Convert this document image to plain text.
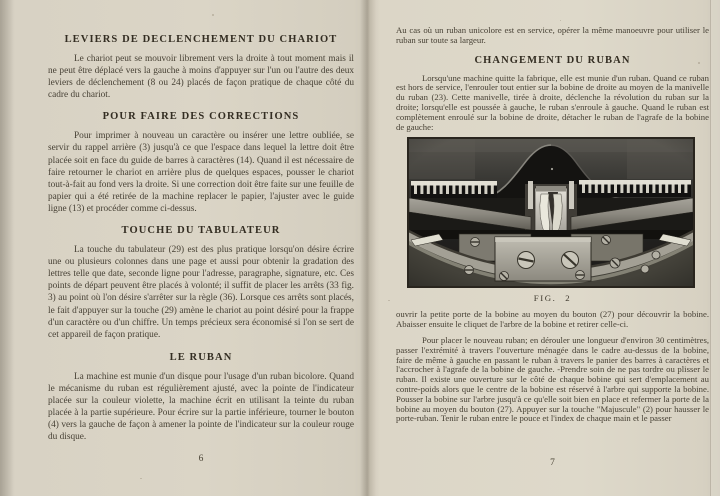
LEVIERS DE DECLENCHEMENT DU CHARIOT

Le chariot peut se mouvoir librement vers la droite à tout moment mais il ne peut être déplacé vers la gauche à moins d'appuyer sur l'un ou l'autre des deux leviers de déclenchement (8 ou 24) placés de façon pratique de chaque côté du cadre du chariot.

POUR FAIRE DES CORRECTIONS

Pour imprimer à nouveau un caractère ou insérer une lettre oubliée, se servir du rappel arrière (3) jusqu'à ce que l'espace dans lequel la lettre doit être placée soit en face du guide de barres à caractères (14). Quand il est nécessaire de faire retourner le chariot en arrière plus de quelques espaces, pousser le chariot tout-à-fait au fond vers la droite. Si une correction doit être faite sur une feuille de papier qui a été retirée de la machine replacer le papier, l'ajuster avec le guide ligne (13) et procéder comme ci-dessus.

TOUCHE DU TABULATEUR

La touche du tabulateur (29) est des plus pratique lorsqu'on désire écrire une ou plusieurs colonnes dans une page et aussi pour obtenir la gradation des lettres telle que date, seconde ligne pour l'adresse, paragraphe, signature, etc. Ces points de départ peuvent être placés à volonté; il suffit de placer les arrêts (33 fig. 3) au point où l'on désire s'arrêter sur la règle (36). Lorsque ces arrêts sont placés, le fait d'appuyer sur la touche (29) amène le chariot au point désiré pour la frappe d'un caractère ou d'un chiffre. Un temps précieux sera économisé si l'on se sert de cet appareil de façon pratique.

LE RUBAN

La machine est munie d'un disque pour l'usage d'un ruban bicolore. Quand le mécanisme du ruban est régulièrement ajusté, avec la pointe de l'indicateur placée sur la couleur violette, la machine écrit en utilisant la teinte du ruban placée à la partie supérieure. Pour écrire sur la partie inférieure, tourner le bouton (4) vers la gauche de façon à amener la pointe de l'indicateur sur la couleur rouge du disque.

6

Au cas où un ruban unicolore est en service, opérer la même manoeuvre pour utiliser le ruban sur toute sa largeur.

CHANGEMENT DU RUBAN

Lorsqu'une machine quitte la fabrique, elle est munie d'un ruban. Quand ce ruban est hors de service, l'enrouler tout entier sur la bobine de droite au moyen de la manivelle du ruban (23). Cette manivelle, tirée à droite, déclenche la révolution du ruban sur la droite; lorsqu'elle est poussée à gauche, le ruban s'enroule à gauche. Quand le ruban est complètement enroulé sur la bobine de droite, détacher le ruban de l'agrafe de la bobine de gauche:

FIG. 2

ouvrir la petite porte de la bobine au moyen du bouton (27) pour découvrir la bobine. Abaisser ensuite le cliquet de l'arbre de la bobine et retirer celle-ci.

Pour placer le nouveau ruban; en dérouler une longueur d'environ 30 centimètres, passer l'extrémité à travers l'ouverture ménagée dans le cadre au-dessus de la bobine, faire de même à gauche en passant le ruban à travers le panier des barres à caractères et l'accrocher à l'agrafe de la bobine de gauche. -Prendre soin de ne pas tordre ou plisser le ruban. Il existe une ouverture sur le côté de chaque bobine qui sert d'emplacement au contre-poids alors que le centre de la bobine est réservé à l'arbre qui supporte la bobine. Pousser la bobine sur l'arbre jusqu'à ce qu'elle soit bien en place et refermer la porte de la bobine au moyen du bouton (27). Appuyer sur la touche "Majuscule" (2) pour hausser le porte-ruban. Tenir le ruban entre le pouce et l'index de chaque main et le passer

7
